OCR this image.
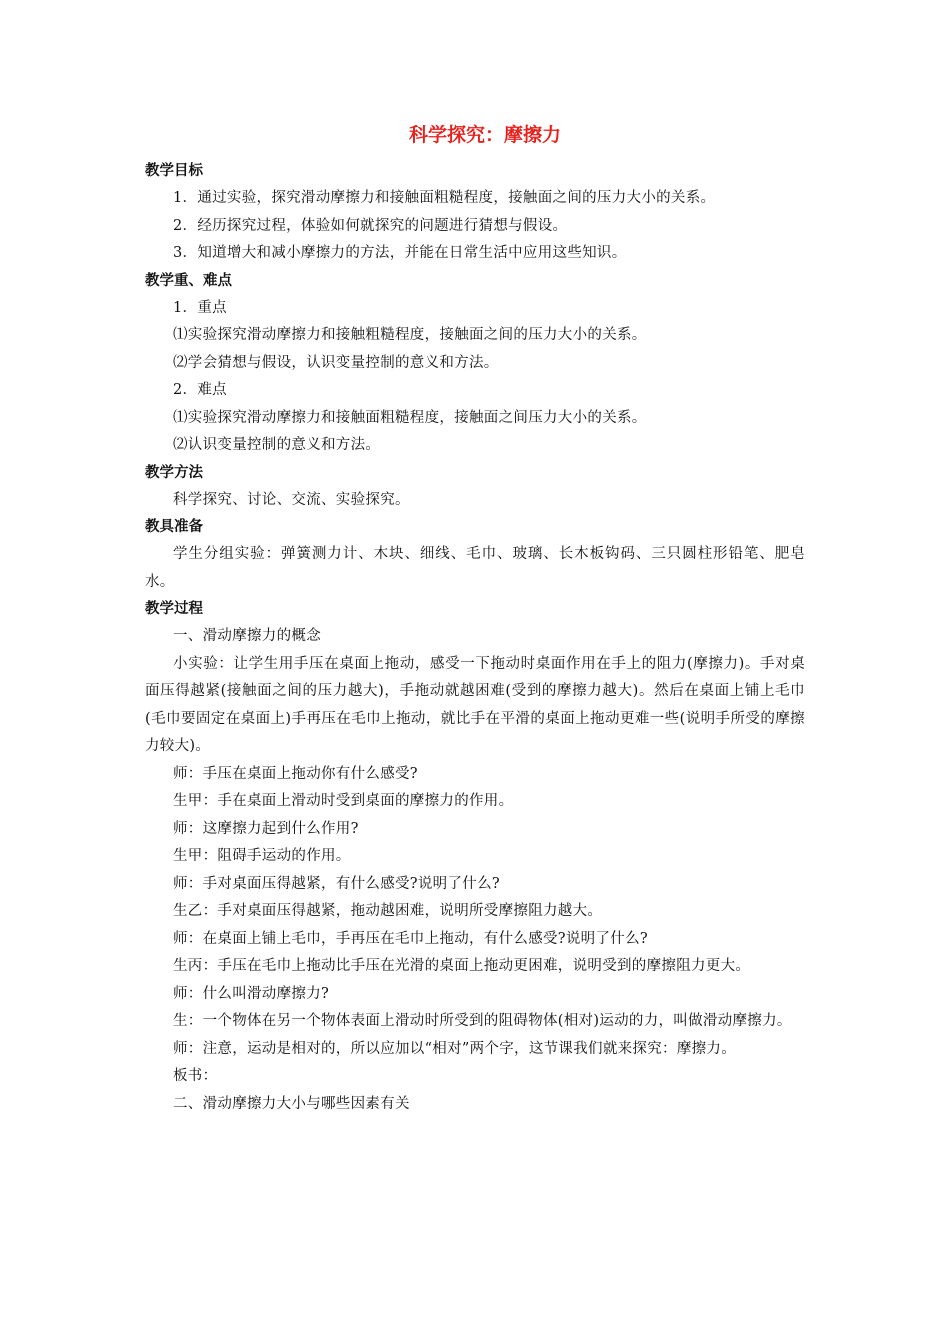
科学探究：摩擦力

教学目标

1．通过实验，探究滑动摩擦力和接触面粗糙程度，接触面之间的压力大小的关系。

2．经历探究过程，体验如何就探究的问题进行猜想与假设。

3．知道增大和减小摩擦力的方法，并能在日常生活中应用这些知识。

教学重、难点

1．重点

⑴实验探究滑动摩擦力和接触粗糙程度，接触面之间的压力大小的关系。

⑵学会猜想与假设，认识变量控制的意义和方法。

2．难点

⑴实验探究滑动摩擦力和接触面粗糙程度，接触面之间压力大小的关系。

⑵认识变量控制的意义和方法。

教学方法

科学探究、讨论、交流、实验探究。

教具准备

学生分组实验：弹簧测力计、木块、细线、毛巾、玻璃、长木板钩码、三只圆柱形铅笔、肥皂水。

教学过程

一、滑动摩擦力的概念

小实验：让学生用手压在桌面上拖动，感受一下拖动时桌面作用在手上的阻力(摩擦力)。手对桌面压得越紧(接触面之间的压力越大)，手拖动就越困难(受到的摩擦力越大)。然后在桌面上铺上毛巾(毛巾要固定在桌面上)手再压在毛巾上拖动，就比手在平滑的桌面上拖动更难一些(说明手所受的摩擦力较大)。

师：手压在桌面上拖动你有什么感受?

生甲：手在桌面上滑动时受到桌面的摩擦力的作用。

师：这摩擦力起到什么作用?

生甲：阻碍手运动的作用。

师：手对桌面压得越紧，有什么感受?说明了什么?

生乙：手对桌面压得越紧，拖动越困难，说明所受摩擦阻力越大。

师：在桌面上铺上毛巾，手再压在毛巾上拖动，有什么感受?说明了什么?

生丙：手压在毛巾上拖动比手压在光滑的桌面上拖动更困难，说明受到的摩擦阻力更大。

师：什么叫滑动摩擦力?

生：一个物体在另一个物体表面上滑动时所受到的阻碍物体(相对)运动的力，叫做滑动摩擦力。

师：注意，运动是相对的，所以应加以“相对”两个字，这节课我们就来探究：摩擦力。

板书：

二、滑动摩擦力大小与哪些因素有关
